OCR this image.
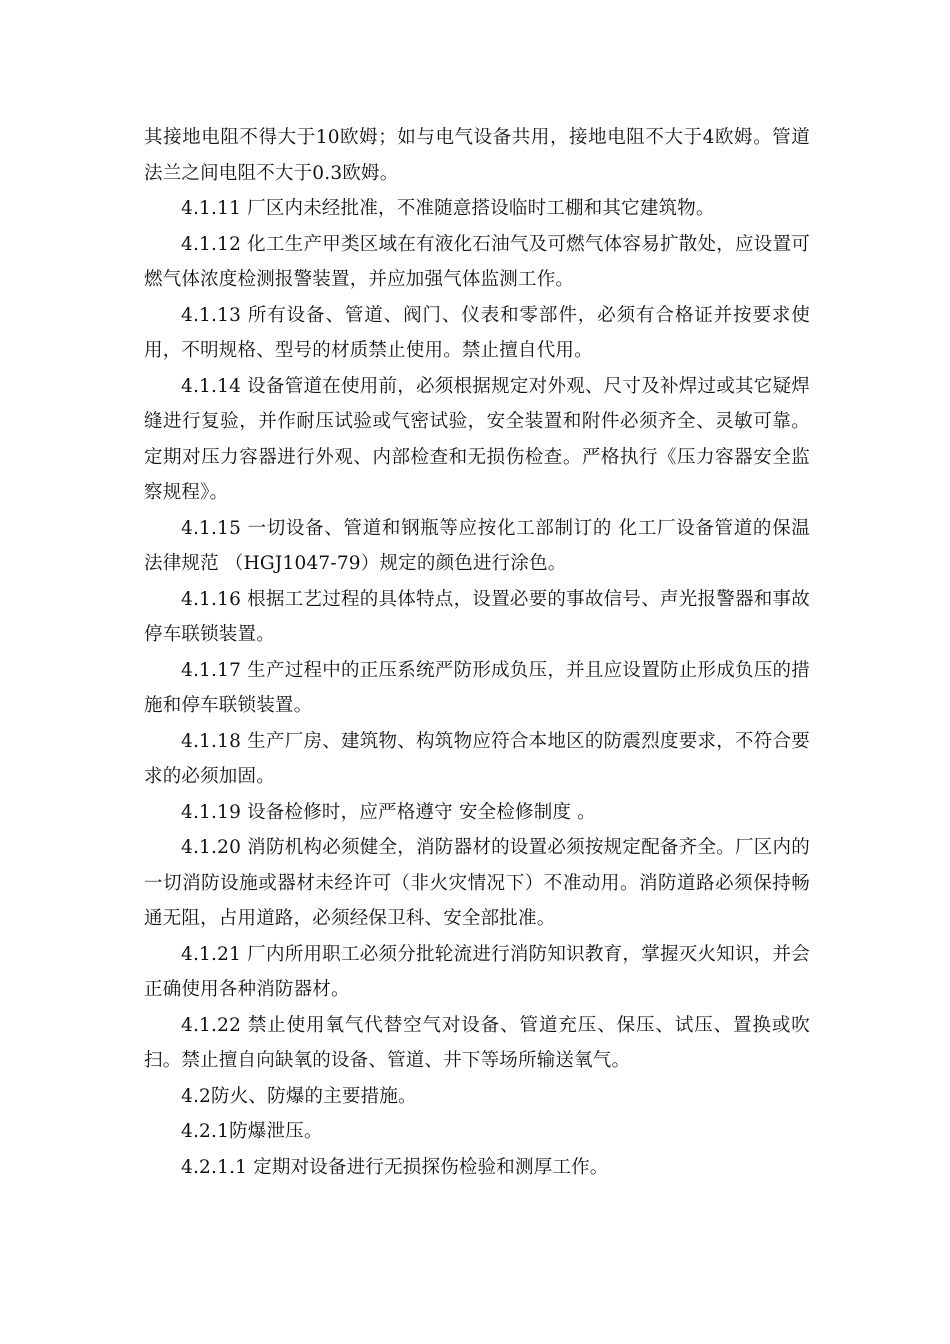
其接地电阻不得大于10欧姆；如与电气设备共用，接地电阻不大于4欧姆。管道法兰之间电阻不大于0.3欧姆。

4.1.11 厂区内未经批准，不准随意搭设临时工棚和其它建筑物。

4.1.12 化工生产甲类区域在有液化石油气及可燃气体容易扩散处，应设置可燃气体浓度检测报警装置，并应加强气体监测工作。

4.1.13 所有设备、管道、阀门、仪表和零部件，必须有合格证并按要求使用，不明规格、型号的材质禁止使用。禁止擅自代用。

4.1.14 设备管道在使用前，必须根据规定对外观、尺寸及补焊过或其它疑焊缝进行复验，并作耐压试验或气密试验，安全装置和附件必须齐全、灵敏可靠。定期对压力容器进行外观、内部检查和无损伤检查。严格执行《压力容器安全监察规程》。

4.1.15 一切设备、管道和钢瓶等应按化工部制订的 化工厂设备管道的保温法律规范 （HGJ1047-79）规定的颜色进行涂色。

4.1.16 根据工艺过程的具体特点，设置必要的事故信号、声光报警器和事故停车联锁装置。

4.1.17 生产过程中的正压系统严防形成负压，并且应设置防止形成负压的措施和停车联锁装置。

4.1.18 生产厂房、建筑物、构筑物应符合本地区的防震烈度要求，不符合要求的必须加固。

4.1.19 设备检修时，应严格遵守 安全检修制度 。

4.1.20 消防机构必须健全，消防器材的设置必须按规定配备齐全。厂区内的一切消防设施或器材未经许可（非火灾情况下）不准动用。消防道路必须保持畅通无阻，占用道路，必须经保卫科、安全部批准。

4.1.21 厂内所用职工必须分批轮流进行消防知识教育，掌握灭火知识，并会正确使用各种消防器材。

4.1.22 禁止使用氧气代替空气对设备、管道充压、保压、试压、置换或吹扫。禁止擅自向缺氧的设备、管道、井下等场所输送氧气。

4.2防火、防爆的主要措施。

4.2.1防爆泄压。

4.2.1.1 定期对设备进行无损探伤检验和测厚工作。
